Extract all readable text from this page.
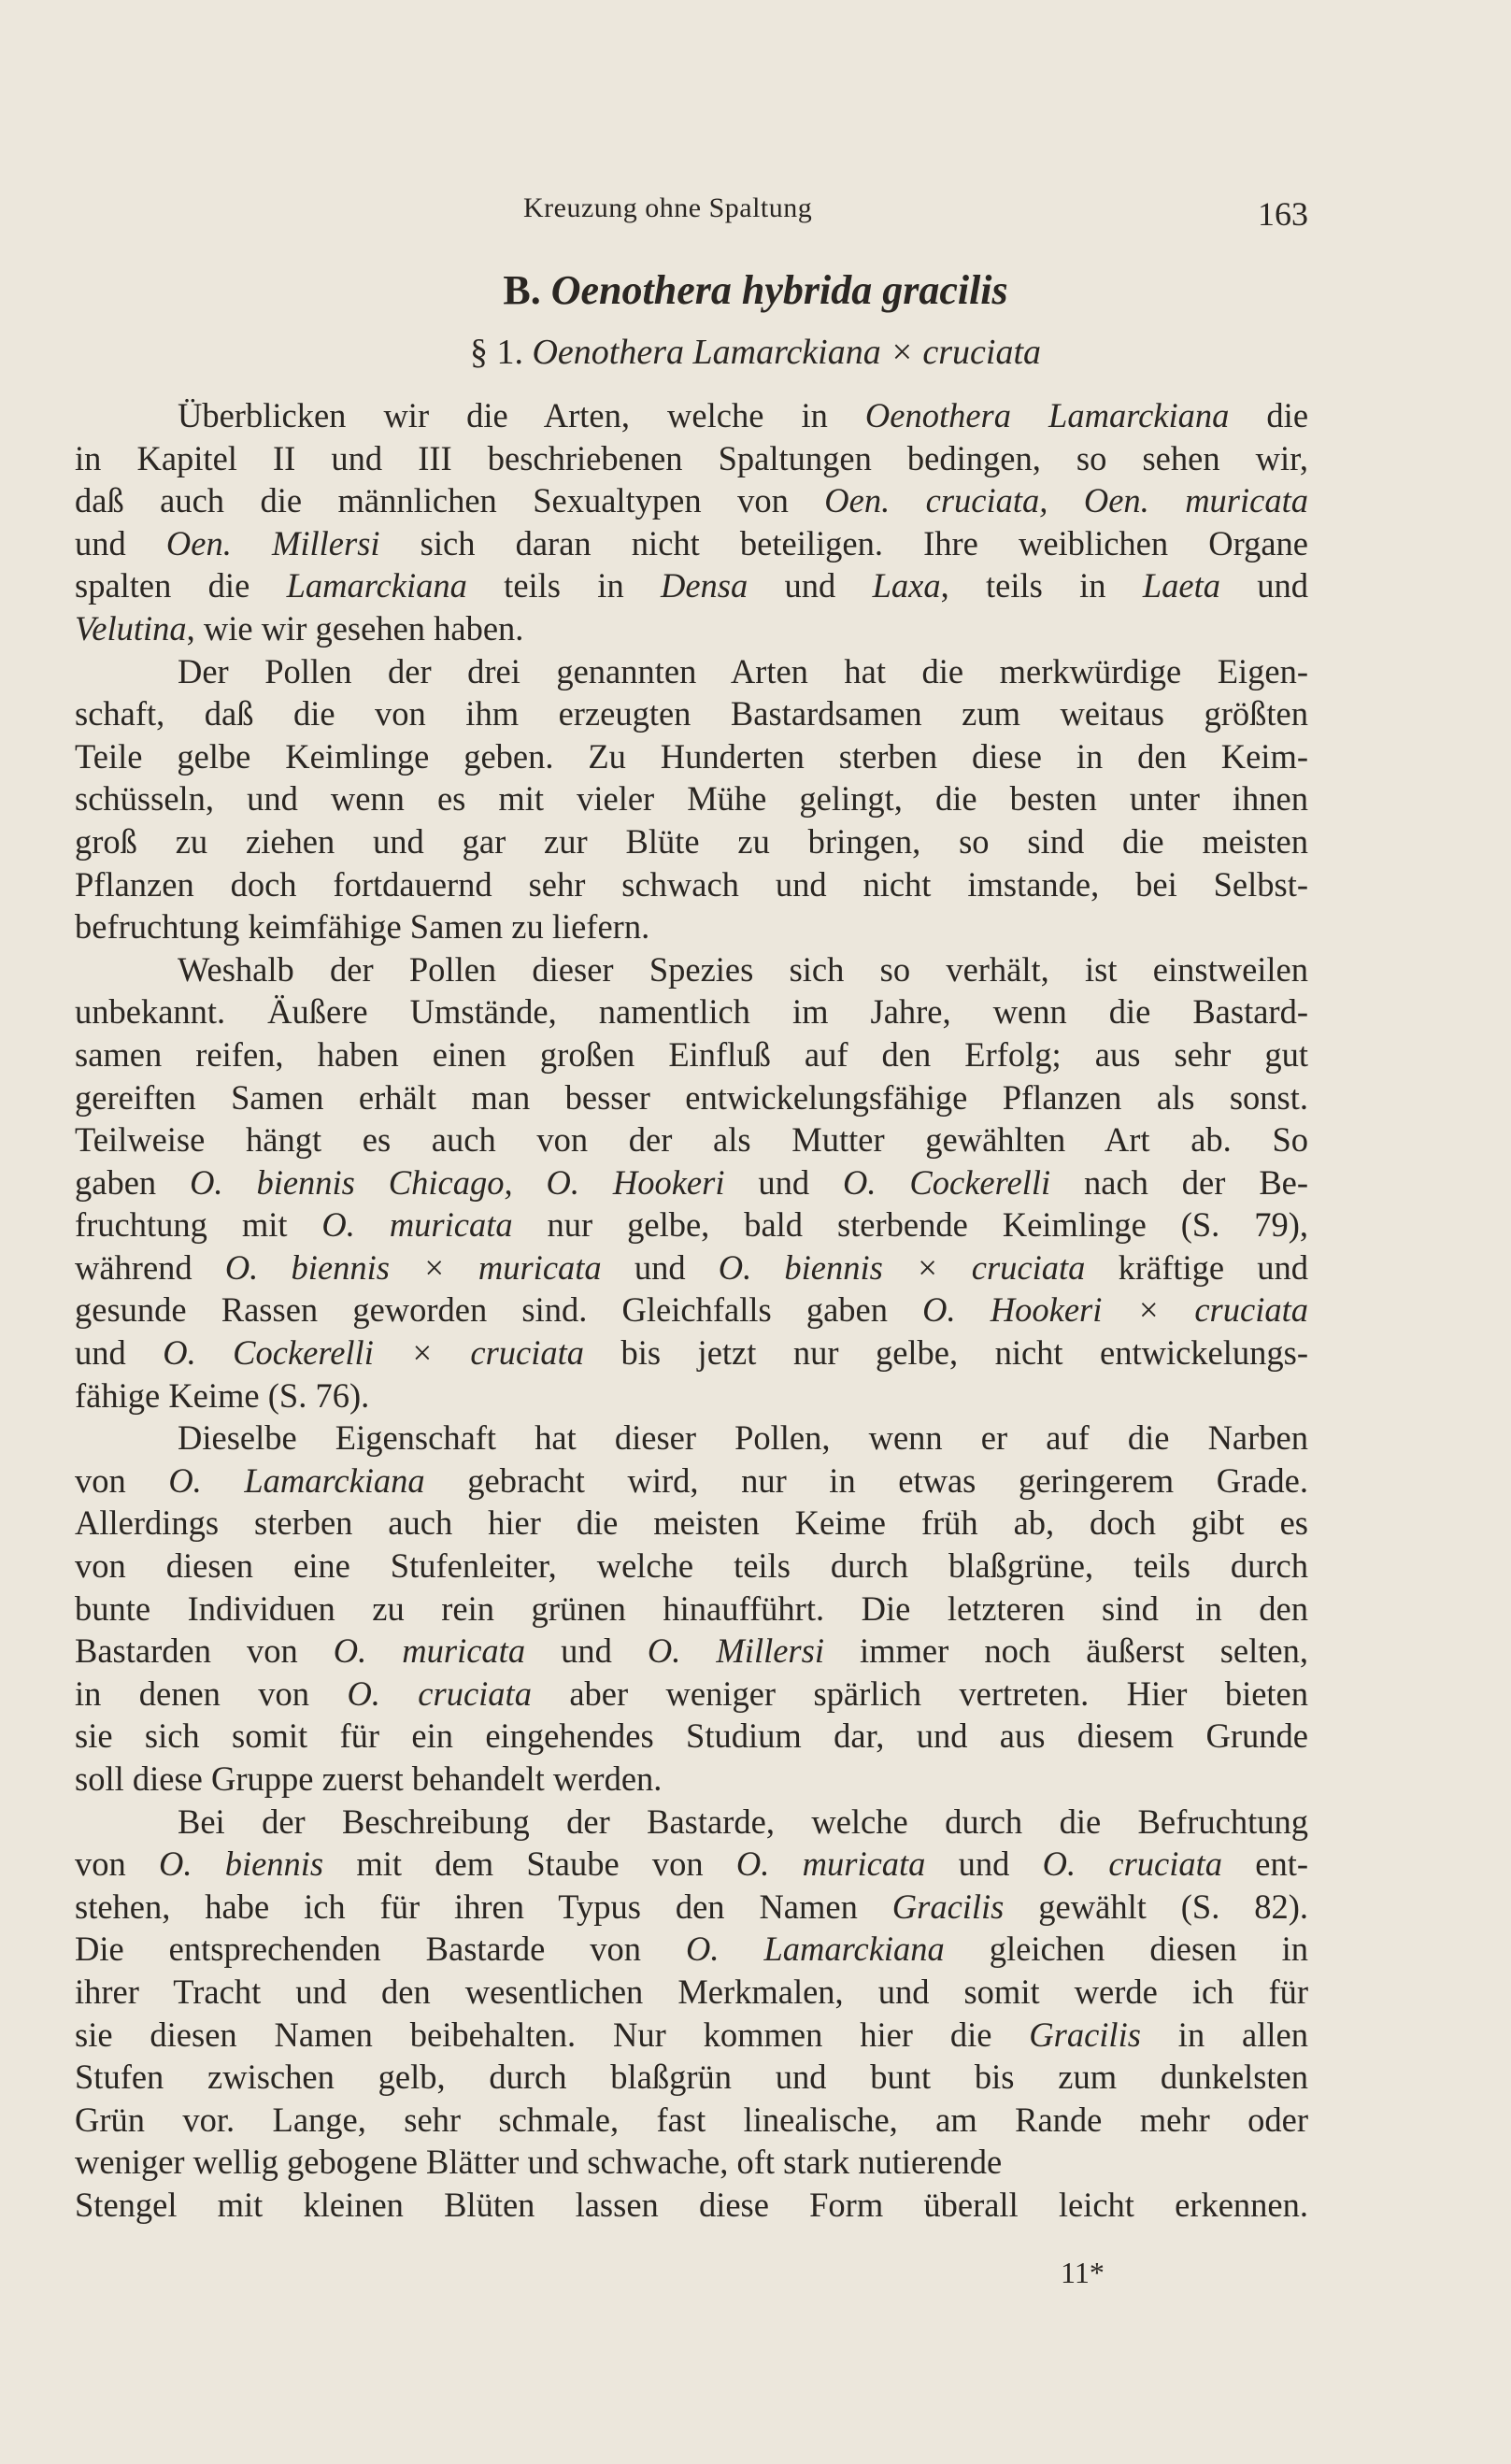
Kreuzung ohne Spaltung	163
B. Oenothera hybrida gracilis
§ 1. Oenothera Lamarckiana × cruciata
Überblicken wir die Arten, welche in Oenothera Lamarckiana die
in Kapitel II und III beschriebenen Spaltungen bedingen, so sehen wir,
daß auch die männlichen Sexualtypen von Oen. cruciata, Oen. muricata
und Oen. Millersi sich daran nicht beteiligen. Ihre weiblichen Organe
spalten die Lamarckiana teils in Densa und Laxa, teils in Laeta und
Velutina, wie wir gesehen haben.
Der Pollen der drei genannten Arten hat die merkwürdige Eigen-
schaft, daß die von ihm erzeugten Bastardsamen zum weitaus größten
Teile gelbe Keimlinge geben. Zu Hunderten sterben diese in den Keim-
schüsseln, und wenn es mit vieler Mühe gelingt, die besten unter ihnen
groß zu ziehen und gar zur Blüte zu bringen, so sind die meisten
Pflanzen doch fortdauernd sehr schwach und nicht imstande, bei Selbst-
befruchtung keimfähige Samen zu liefern.
Weshalb der Pollen dieser Spezies sich so verhält, ist einstweilen
unbekannt. Äußere Umstände, namentlich im Jahre, wenn die Bastard-
samen reifen, haben einen großen Einfluß auf den Erfolg; aus sehr gut
gereiften Samen erhält man besser entwickelungsfähige Pflanzen als sonst.
Teilweise hängt es auch von der als Mutter gewählten Art ab. So
gaben O. biennis Chicago, O. Hookeri und O. Cockerelli nach der Be-
fruchtung mit O. muricata nur gelbe, bald sterbende Keimlinge (S. 79),
während O. biennis × muricata und O. biennis × cruciata kräftige und
gesunde Rassen geworden sind. Gleichfalls gaben O. Hookeri × cruciata
und O. Cockerelli × cruciata bis jetzt nur gelbe, nicht entwickelungs-
fähige Keime (S. 76).
Dieselbe Eigenschaft hat dieser Pollen, wenn er auf die Narben
von O. Lamarckiana gebracht wird, nur in etwas geringerem Grade.
Allerdings sterben auch hier die meisten Keime früh ab, doch gibt es
von diesen eine Stufenleiter, welche teils durch blaßgrüne, teils durch
bunte Individuen zu rein grünen hinaufführt. Die letzteren sind in den
Bastarden von O. muricata und O. Millersi immer noch äußerst selten,
in denen von O. cruciata aber weniger spärlich vertreten. Hier bieten
sie sich somit für ein eingehendes Studium dar, und aus diesem Grunde
soll diese Gruppe zuerst behandelt werden.
Bei der Beschreibung der Bastarde, welche durch die Befruchtung
von O. biennis mit dem Staube von O. muricata und O. cruciata ent-
stehen, habe ich für ihren Typus den Namen Gracilis gewählt (S. 82).
Die entsprechenden Bastarde von O. Lamarckiana gleichen diesen in
ihrer Tracht und den wesentlichen Merkmalen, und somit werde ich für
sie diesen Namen beibehalten. Nur kommen hier die Gracilis in allen
Stufen zwischen gelb, durch blaßgrün und bunt bis zum dunkelsten
Grün vor. Lange, sehr schmale, fast linealische, am Rande mehr oder
weniger wellig gebogene Blätter und schwache, oft stark nutierende
Stengel mit kleinen Blüten lassen diese Form überall leicht erkennen.
11*
